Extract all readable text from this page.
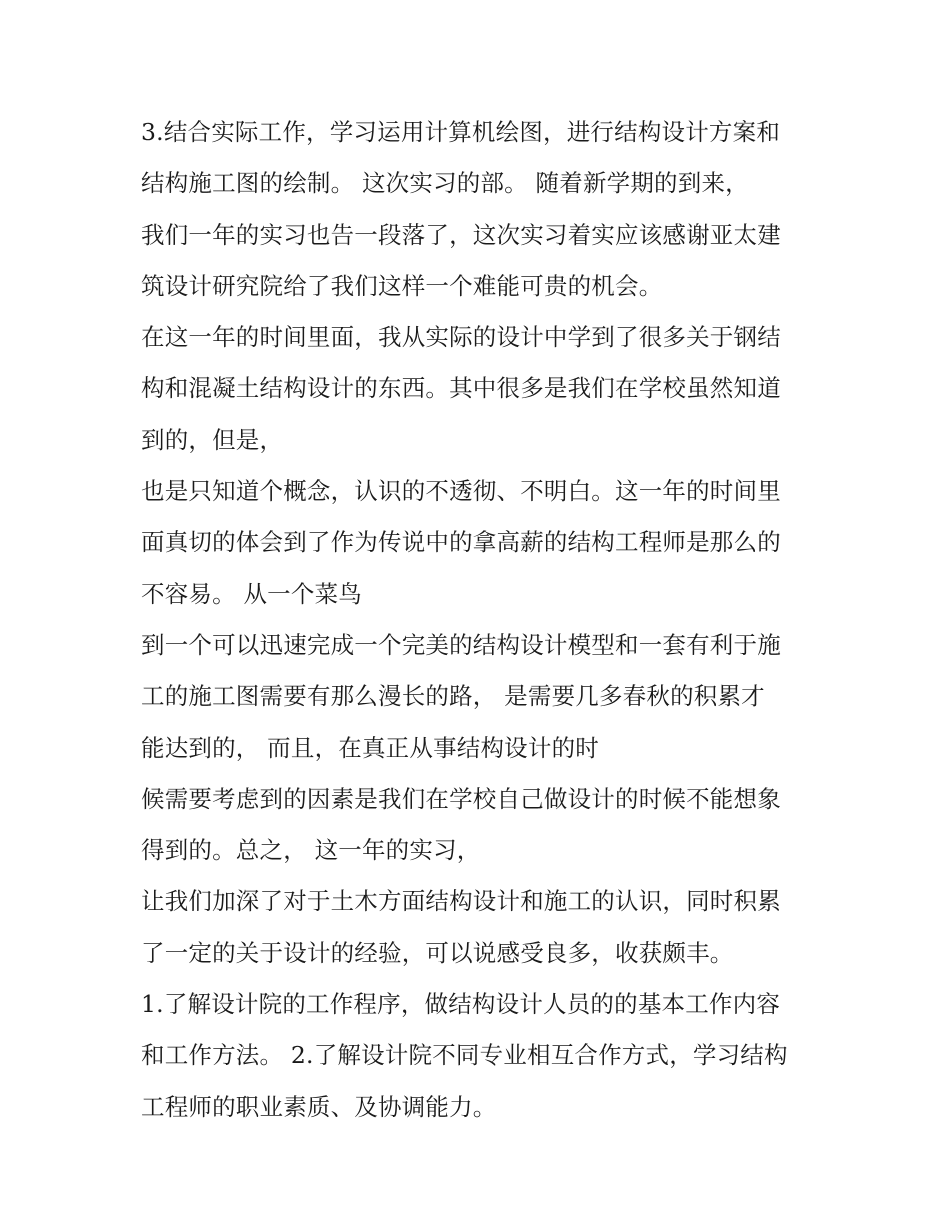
3.结合实际工作，学习运用计算机绘图，进行结构设计方案和
结构施工图的绘制。 这次实习的部。 随着新学期的到来，
我们一年的实习也告一段落了，这次实习着实应该感谢亚太建
筑设计研究院给了我们这样一个难能可贵的机会。
在这一年的时间里面，我从实际的设计中学到了很多关于钢结
构和混凝土结构设计的东西。其中很多是我们在学校虽然知道
到的，但是，
也是只知道个概念，认识的不透彻、不明白。这一年的时间里
面真切的体会到了作为传说中的拿高薪的结构工程师是那么的
不容易。 从一个菜鸟
到一个可以迅速完成一个完美的结构设计模型和一套有利于施
工的施工图需要有那么漫长的路， 是需要几多春秋的积累才
能达到的， 而且，在真正从事结构设计的时
候需要考虑到的因素是我们在学校自己做设计的时候不能想象
得到的。总之， 这一年的实习，
让我们加深了对于土木方面结构设计和施工的认识，同时积累
了一定的关于设计的经验，可以说感受良多，收获颇丰。
1.了解设计院的工作程序，做结构设计人员的的基本工作内容
和工作方法。 2.了解设计院不同专业相互合作方式，学习结构
工程师的职业素质、及协调能力。
